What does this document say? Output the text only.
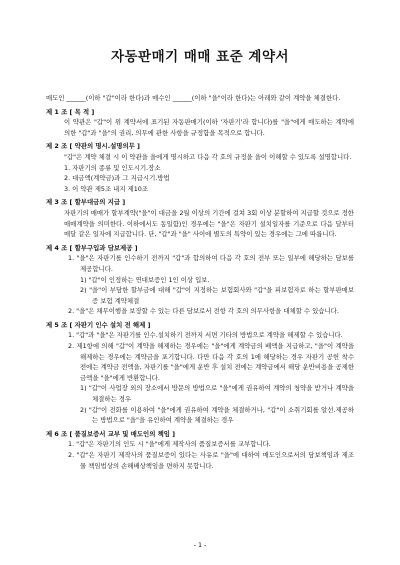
자동판매기 매매 표준 계약서

매도인 ______(이하 "갑"이라 한다)과 매수인 ______(이하 "을"이라 한다)는 아래와 같이 계약을 체결한다.

제 1 조 [ 목 적 ]

이 약관은 "갑"이 위 계약서에 표기된 자동판매기(이하 '자판기'라 합니다)를 "을"에게 매도하는 계약에 의한 "갑"과 "을"의 권리, 의무에 관한 사항을 규정함을 목적으로 합니다.

제 2 조 [ 약관의 명시.설명의무 ]

"갑"은 계약 체결 시 이 약관을 을에게 명시하고 다음 각 호의 규정을 을이 이해할 수 있도록 설명합니다.

1. 자판기의 종류 및 인도시기.장소

2. 대금액(계약금)과 그 지급시기.방법

3. 이 약관 제5조 내지 제10조

제 3 조 [ 할부대금의 지급 ]

자판기의 매매가 할부계약("을"이 대금을 2월 이상의 기간에 걸쳐 3회 이상 분할하여 지급할 것으로 정한 매매계약을 의미한다. 이하에서도 동일함)인 경우에는 "을"은 자판기 설치일자를 기준으로 다음 달부터 매달 같은 일자에 지급합니다. 단, "갑"과 "을" 사이에 별도의 특약이 있는 경우에는 그에 따릅니다.

제 4 조 [ 할부구입과 담보제공 ]

1. "을"은 자판기를 인수하기 전까지 "갑"과 합의하여 다음 각 호의 전부 또는 일부에 해당하는 담보를 제공합니다.

1) "갑"이 인정하는 연대보증인 1인 이상 입보.

2) "을"이 부담한 할부금에 대해 "갑"이 지정하는 보험회사와 "갑"을 피보험자로 하는 할부판매보증 보험 계약체결

2. "을"은 채무이행을 보장할 수 있는 다른 담보로서 전항 각 호의 의무사항을 대체할 수 있습니다.

제 5 조 [ 자판기 인수 설치 전 해제 ]

1. "갑"과 "을"은 자판기를 인수.설치하기 전까지 서면 기타의 방법으로 계약을 해제할 수 있습니다.

2. 제1항에 의해 "갑"이 계약을 해제하는 경우에는 "을"에게 계약금의 배액을 지급하고, "을"이 계약을 해제하는 경우에는 계약금을 포기합니다. 다만 다음 각 호의 1에 해당하는 경우 자판기 공헌 착수 전에는 계약금 전액을, 자판기를 "을"에게 운반 후 설치 전에는 계약금에서 해당 운반비용을 공제한 금액을 "을"에게 반환합니다.

1) "갑"이 사업장 외의 장소에서 방문의 방법으로 "을"에게 권유하여 계약의 청약을 받거나 계약을 체결하는 경우

2) "갑"이 전화를 이용하여 "을"에게 권유하여 계약을 체결하거나, "갑"이 소취기회를 알선.제공하는 방법으로 "을"을 유인하여 계약을 체결하는 경우

제 6 조 [ 품질보증서 교부 및 매도인의 책임 ]

1. "갑"은 자판기의 인도 시 "을"에게 제작사의 품질보증서를 교부합니다.

2. "갑"은 자판기 제작사의 품질보증이 있다는 사유로 "을"에 대하여 매도인으로서의 담보책임과 제조물 책임법상의 손해배상책임을 면하지 못합니다.

- 1 -
